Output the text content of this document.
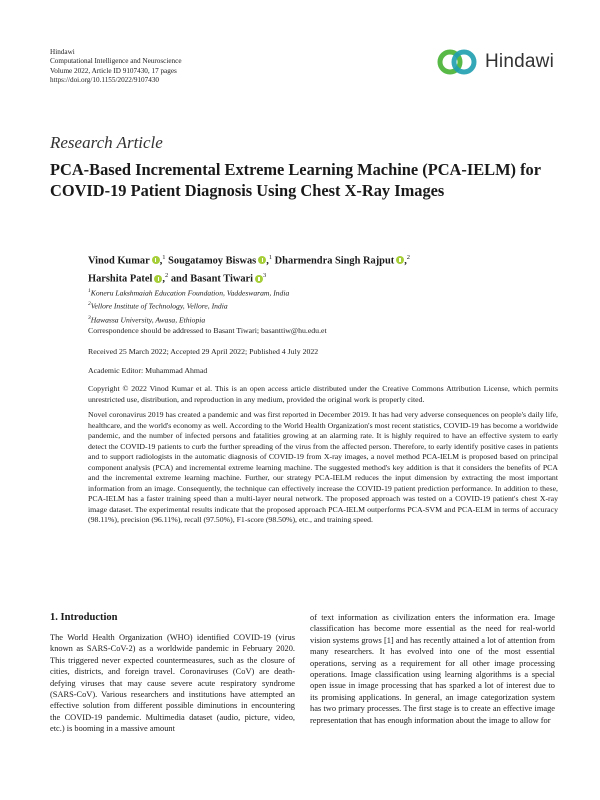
Hindawi
Computational Intelligence and Neuroscience
Volume 2022, Article ID 9107430, 17 pages
https://doi.org/10.1155/2022/9107430
Hindawi
Research Article
PCA-Based Incremental Extreme Learning Machine (PCA-IELM) for COVID-19 Patient Diagnosis Using Chest X-Ray Images
Vinod Kumar ,$^1$ Sougatamoy Biswas ,$^1$ Dharmendra Singh Rajput ,$^2$
Harshita Patel ,$^2$ and Basant Tiwari $^3$
$^1$Koneru Lakshmaiah Education Foundation, Vaddeswaram, India
$^2$Vellore Institute of Technology, Vellore, India
$^3$Hawassa University, Awasa, Ethiopia
Correspondence should be addressed to Basant Tiwari; basanttiw@hu.edu.et
Received 25 March 2022; Accepted 29 April 2022; Published 4 July 2022
Academic Editor: Muhammad Ahmad
Copyright © 2022 Vinod Kumar et al. This is an open access article distributed under the Creative Commons Attribution License, which permits unrestricted use, distribution, and reproduction in any medium, provided the original work is properly cited.
Novel coronavirus 2019 has created a pandemic and was first reported in December 2019. It has had very adverse consequences on people's daily life, healthcare, and the world's economy as well. According to the World Health Organization's most recent statistics, COVID-19 has become a worldwide pandemic, and the number of infected persons and fatalities growing at an alarming rate. It is highly required to have an effective system to early detect the COVID-19 patients to curb the further spreading of the virus from the affected person. Therefore, to early identify positive cases in patients and to support radiologists in the automatic diagnosis of COVID-19 from X-ray images, a novel method PCA-IELM is proposed based on principal component analysis (PCA) and incremental extreme learning machine. The suggested method's key addition is that it considers the benefits of PCA and the incremental extreme learning machine. Further, our strategy PCA-IELM reduces the input dimension by extracting the most important information from an image. Consequently, the technique can effectively increase the COVID-19 patient prediction performance. In addition to these, PCA-IELM has a faster training speed than a multi-layer neural network. The proposed approach was tested on a COVID-19 patient's chest X-ray image dataset. The experimental results indicate that the proposed approach PCA-IELM outperforms PCA-SVM and PCA-ELM in terms of accuracy (98.11%), precision (96.11%), recall (97.50%), F1-score (98.50%), etc., and training speed.
1. Introduction
The World Health Organization (WHO) identified COVID-19 (virus known as SARS-CoV-2) as a worldwide pandemic in February 2020. This triggered never expected countermeasures, such as the closure of cities, districts, and foreign travel. Coronaviruses (CoV) are death-defying viruses that may cause severe acute respiratory syndrome (SARS-CoV). Various researchers and institutions have attempted an effective solution from different possible diminutions in encountering the COVID-19 pandemic. Multimedia dataset (audio, picture, video, etc.) is booming in a massive amount
of text information as civilization enters the information era. Image classification has become more essential as the need for real-world vision systems grows [1] and has recently attained a lot of attention from many researchers. It has evolved into one of the most essential operations, serving as a requirement for all other image processing operations. Image classification using learning algorithms is a special open issue in image processing that has sparked a lot of interest due to its promising applications. In general, an image categorization system has two primary processes. The first stage is to create an effective image representation that has enough information about the image to allow for
